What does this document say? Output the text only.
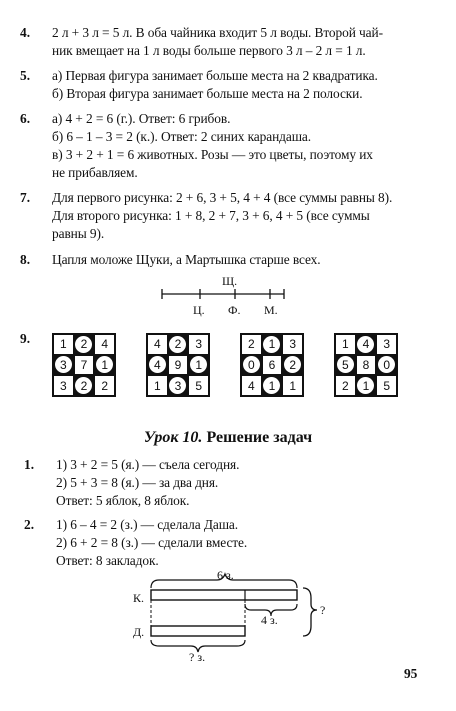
4. 2 л + 3 л = 5 л. В оба чайника входит 5 л воды. Второй чай-
ник вмещает на 1 л воды больше первого 3 л – 2 л = 1 л.
5. а) Первая фигура занимает больше места на 2 квадратика.
б) Вторая фигура занимает больше места на 2 полоски.
6. а) 4 + 2 = 6 (г.). Ответ: 6 грибов.
б) 6 – 1 – 3 = 2 (к.). Ответ: 2 синих карандаша.
в) 3 + 2 + 1 = 6 животных. Розы — это цветы, поэтому их
не прибавляем.
7. Для первого рисунка: 2 + 6, 3 + 5, 4 + 4 (все суммы равны 8).
Для второго рисунка: 1 + 8, 2 + 7, 3 + 6, 4 + 5 (все суммы
равны 9).
8. Цапля моложе Щуки, а Мартышка старше всех.
Щ.
Ц. Ф. М.
9. 1	2	4
3	7	1
3	2	2
4	2	3
4	9	1
1	3	5
2	1	3
0	6	2
4	1	1
1	4	3
5	8	0
2	1	5
Урок 10. Решение задач
1. 1) 3 + 2 = 5 (я.) — съела сегодня.
2) 5 + 3 = 8 (я.) — за два дня.
Ответ: 5 яблок, 8 яблок.
2. 1) 6 – 4 = 2 (з.) — сделала Даша.
2) 6 + 2 = 8 (з.) — сделали вместе.
Ответ: 8 закладок.
6 з.
К.
4 з.
Д.
? з.
?
95
